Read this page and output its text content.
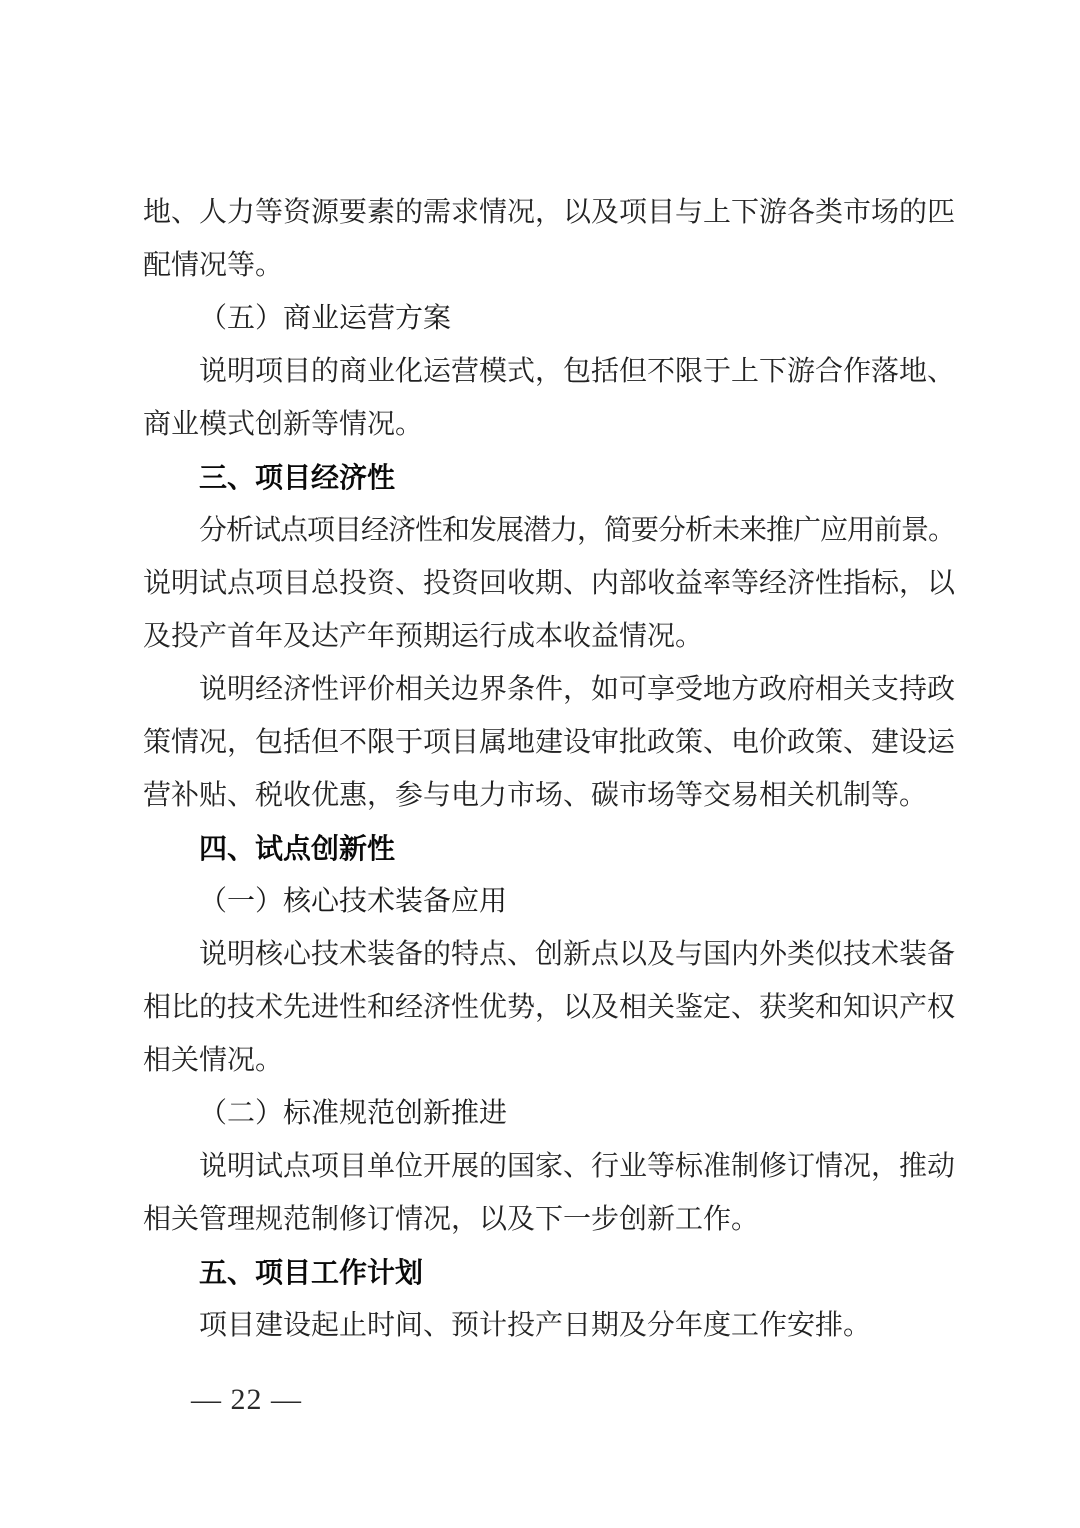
地、人力等资源要素的需求情况，以及项目与上下游各类市场的匹
配情况等。
（五）商业运营方案
说明项目的商业化运营模式，包括但不限于上下游合作落地、
商业模式创新等情况。
三、项目经济性
分析试点项目经济性和发展潜力，简要分析未来推广应用前景。
说明试点项目总投资、投资回收期、内部收益率等经济性指标，以
及投产首年及达产年预期运行成本收益情况。
说明经济性评价相关边界条件，如可享受地方政府相关支持政
策情况，包括但不限于项目属地建设审批政策、电价政策、建设运
营补贴、税收优惠，参与电力市场、碳市场等交易相关机制等。
四、试点创新性
（一）核心技术装备应用
说明核心技术装备的特点、创新点以及与国内外类似技术装备
相比的技术先进性和经济性优势，以及相关鉴定、获奖和知识产权
相关情况。
（二）标准规范创新推进
说明试点项目单位开展的国家、行业等标准制修订情况，推动
相关管理规范制修订情况，以及下一步创新工作。
五、项目工作计划
项目建设起止时间、预计投产日期及分年度工作安排。
— 22 —
